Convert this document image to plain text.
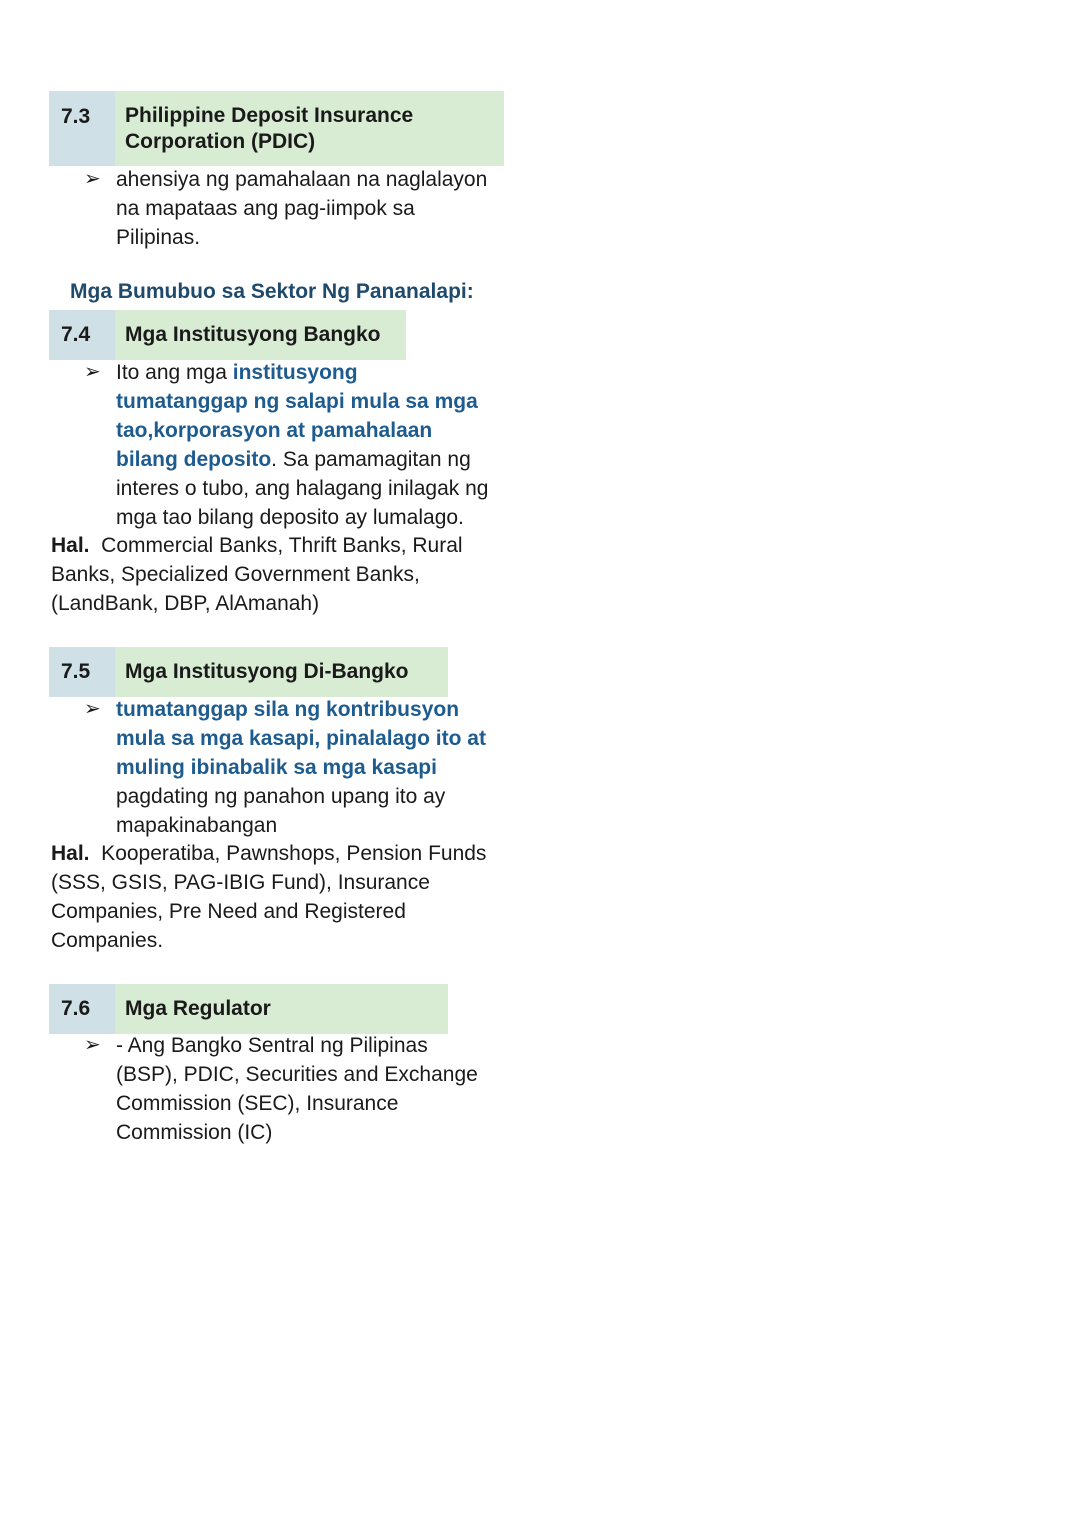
7.3	Philippine Deposit Insurance
Corporation (PDIC)
➢ ahensiya ng pamahalaan na naglalayon
na mapataas ang pag-iimpok sa
Pilipinas.
Mga Bumubuo sa Sektor Ng Pananalapi:
7.4	Mga Institusyong Bangko
➢ Ito ang mga institusyong
tumatanggap ng salapi mula sa mga
tao,korporasyon at pamahalaan
bilang deposito. Sa pamamagitan ng
interes o tubo, ang halagang inilagak ng
mga tao bilang deposito ay lumalago.
Hal.  Commercial Banks, Thrift Banks, Rural
Banks, Specialized Government Banks,
(LandBank, DBP, AlAmanah)
7.5	Mga Institusyong Di-Bangko
➢ tumatanggap sila ng kontribusyon
mula sa mga kasapi, pinalalago ito at
muling ibinabalik sa mga kasapi
pagdating ng panahon upang ito ay
mapakinabangan
Hal.  Kooperatiba, Pawnshops, Pension Funds
(SSS, GSIS, PAG-IBIG Fund), Insurance
Companies, Pre Need and Registered
Companies.
7.6	Mga Regulator
➢ - Ang Bangko Sentral ng Pilipinas
(BSP), PDIC, Securities and Exchange
Commission (SEC), Insurance
Commission (IC)
